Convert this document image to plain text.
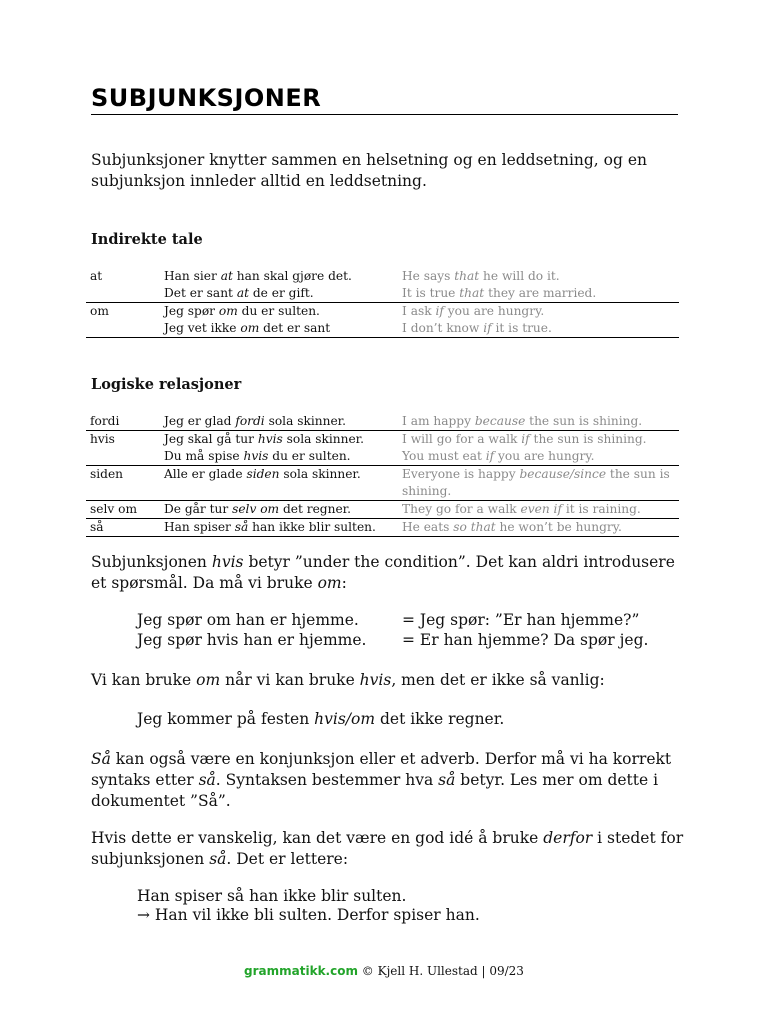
SUBJUNKSJONER
Subjunksjoner knytter sammen en helsetning og en leddsetning, og en subjunksjon innleder alltid en leddsetning.
Indirekte tale
at	Han sier at han skal gjøre det.	He says that he will do it.
	Det er sant at de er gift.	It is true that they are married.
om	Jeg spør om du er sulten.	I ask if you are hungry.
	Jeg vet ikke om det er sant	I don’t know if it is true.
Logiske relasjoner
fordi	Jeg er glad fordi sola skinner.	I am happy because the sun is shining.
hvis	Jeg skal gå tur hvis sola skinner.	I will go for a walk if the sun is shining.
	Du må spise hvis du er sulten.	You must eat if you are hungry.
siden	Alle er glade siden sola skinner.	Everyone is happy because/since the sun is shining.
selv om	De går tur selv om det regner.	They go for a walk even if it is raining.
så	Han spiser så han ikke blir sulten.	He eats so that he won’t be hungry.
Subjunksjonen hvis betyr ”under the condition”. Det kan aldri introdusere et spørsmål. Da må vi bruke om:
Jeg spør om han er hjemme.	= Jeg spør: ”Er han hjemme?”
Jeg spør hvis han er hjemme. = Er han hjemme? Da spør jeg.
Vi kan bruke om når vi kan bruke hvis, men det er ikke så vanlig:
Jeg kommer på festen hvis/om det ikke regner.
Så kan også være en konjunksjon eller et adverb. Derfor må vi ha korrekt syntaks etter så. Syntaksen bestemmer hva så betyr. Les mer om dette i dokumentet ”Så”.
Hvis dette er vanskelig, kan det være en god idé å bruke derfor i stedet for subjunksjonen så. Det er lettere:
Han spiser så han ikke blir sulten.
→ Han vil ikke bli sulten. Derfor spiser han.
grammatikk.com © Kjell H. Ullestad | 09/23
